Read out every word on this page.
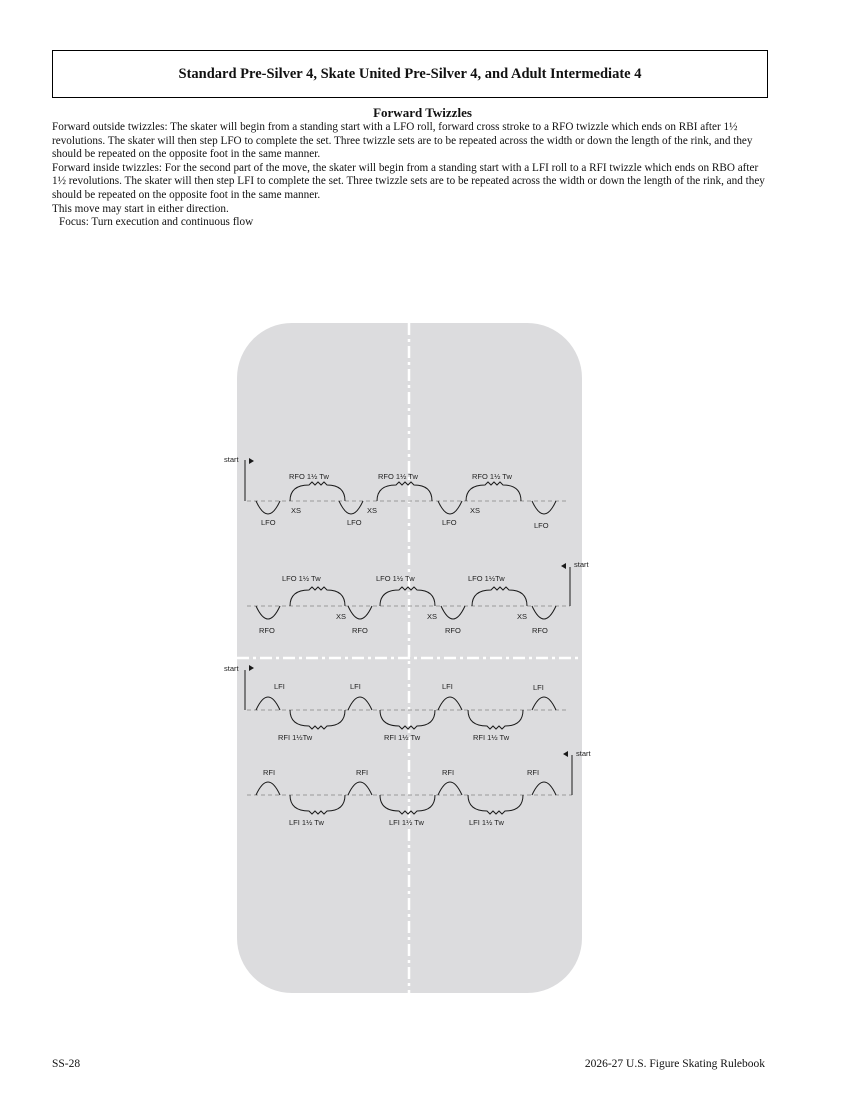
Standard Pre-Silver 4, Skate United Pre-Silver 4, and Adult Intermediate 4
Forward Twizzles

Forward outside twizzles: The skater will begin from a standing start with a LFO roll, forward cross stroke to a RFO twizzle which ends on RBI after 1½ revolutions. The skater will then step LFO to complete the set. Three twizzle sets are to be repeated across the width or down the length of the rink, and they should be repeated on the opposite foot in the same manner.

Forward inside twizzles: For the second part of the move, the skater will begin from a standing start with a LFI roll to a RFI twizzle which ends on RBO after 1½ revolutions. The skater will then step LFI to complete the set. Three twizzle sets are to be repeated across the width or down the length of the rink, and they should be repeated on the opposite foot in the same manner.

This move may start in either direction.

Focus: Turn execution and continuous flow

start
RFO 1½ Tw	RFO 1½ Tw	RFO 1½ Tw
LFO	LFO	LFO	LFO
XS	XS	XS
start
LFO 1½ Tw	LFO 1½ Tw	LFO 1½Tw
RFO	RFO	RFO	RFO
XS	XS	XS
start
LFI	LFI	LFI	LFI
RFI 1½Tw	RFI 1½ Tw	RFI 1½ Tw
start
RFI	RFI	RFI	RFI
LFI 1½ Tw	LFI 1½ Tw	LFI 1½ Tw
SS-28	2026-27 U.S. Figure Skating Rulebook
